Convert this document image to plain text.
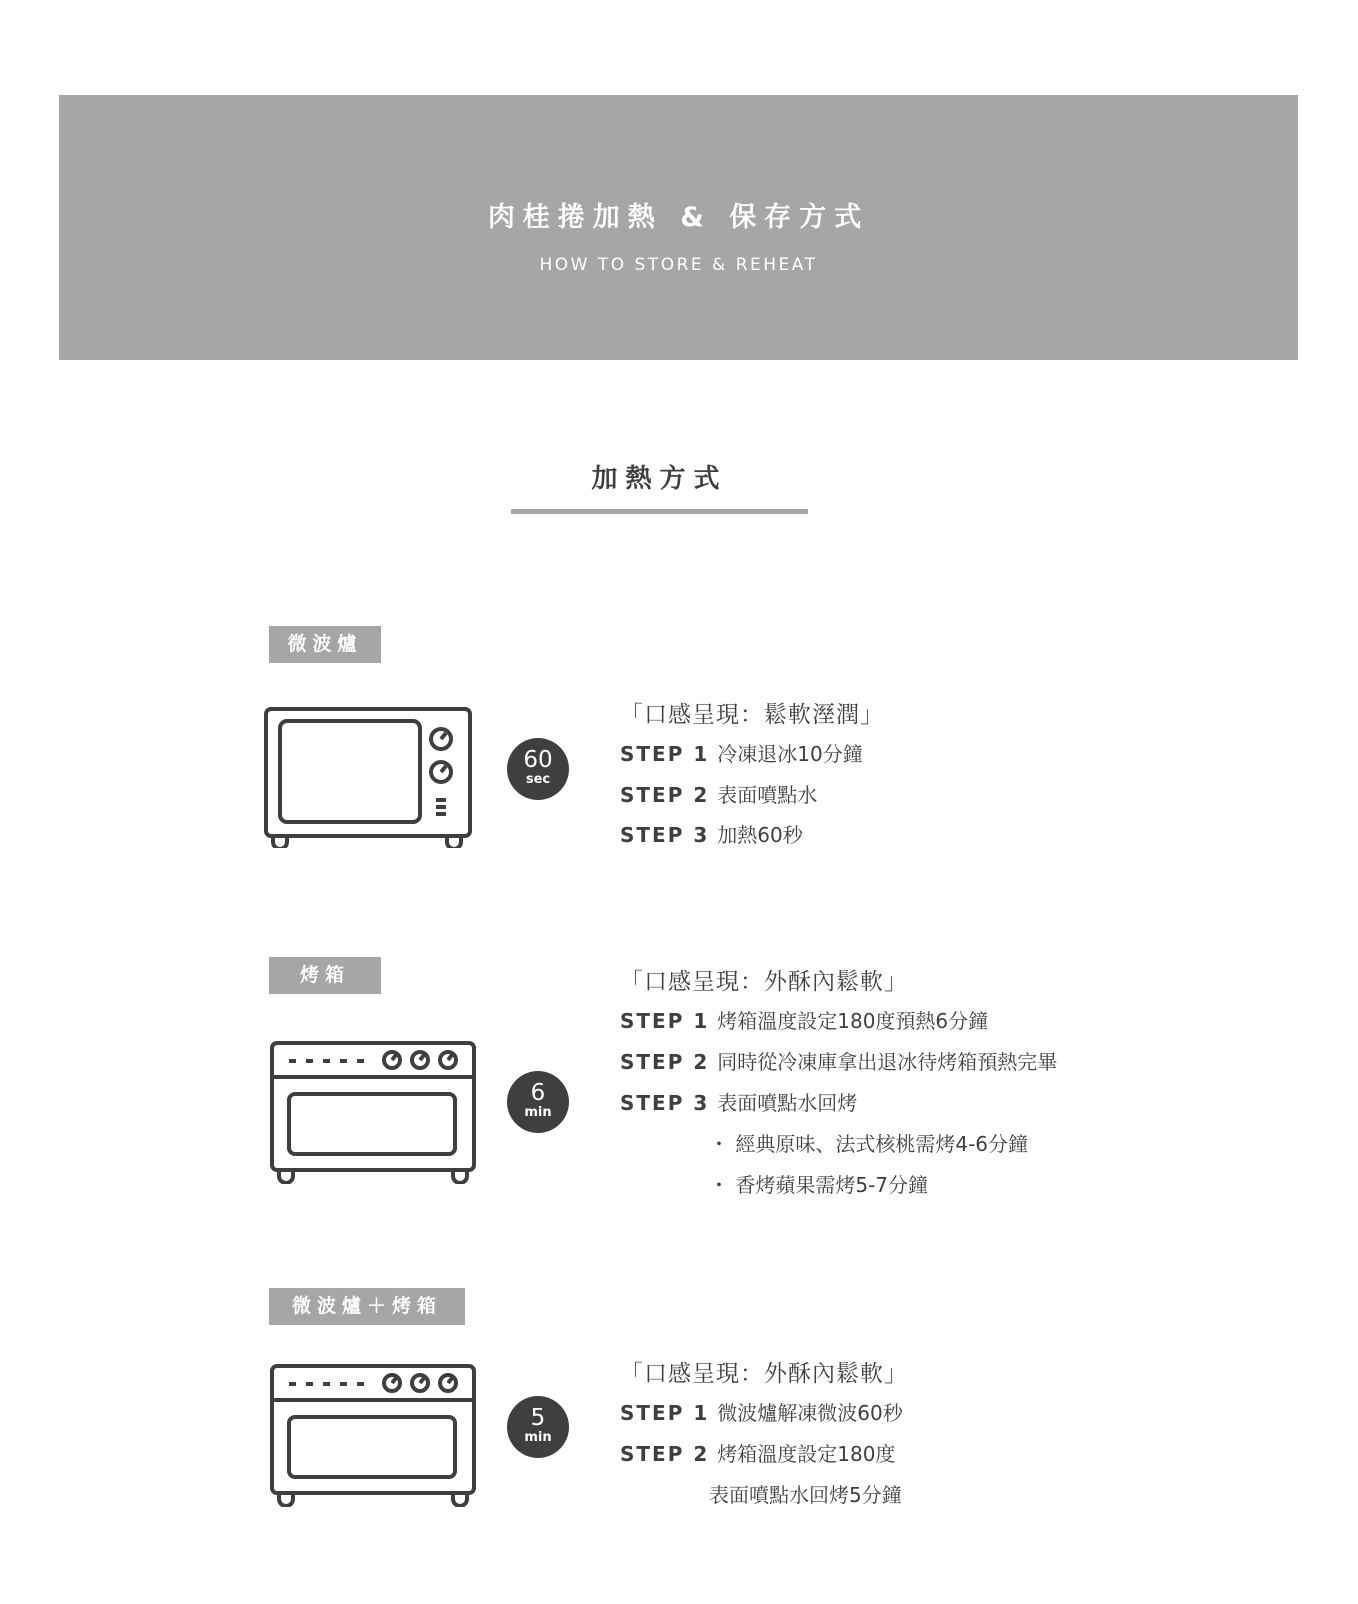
肉桂捲加熱 & 保存方式
HOW TO STORE & REHEAT
加熱方式
微波爐
60
sec
「口感呈現：鬆軟溼潤」
STEP 1 冷凍退冰10分鐘
STEP 2 表面噴點水
STEP 3 加熱60秒
烤箱
6
min
「口感呈現：外酥內鬆軟」
STEP 1 烤箱溫度設定180度預熱6分鐘
STEP 2 同時從冷凍庫拿出退冰待烤箱預熱完畢
STEP 3 表面噴點水回烤
・ 經典原味、法式核桃需烤4-6分鐘
・ 香烤蘋果需烤5-7分鐘
微波爐＋烤箱
5
min
「口感呈現：外酥內鬆軟」
STEP 1 微波爐解凍微波60秒
STEP 2 烤箱溫度設定180度
表面噴點水回烤5分鐘
